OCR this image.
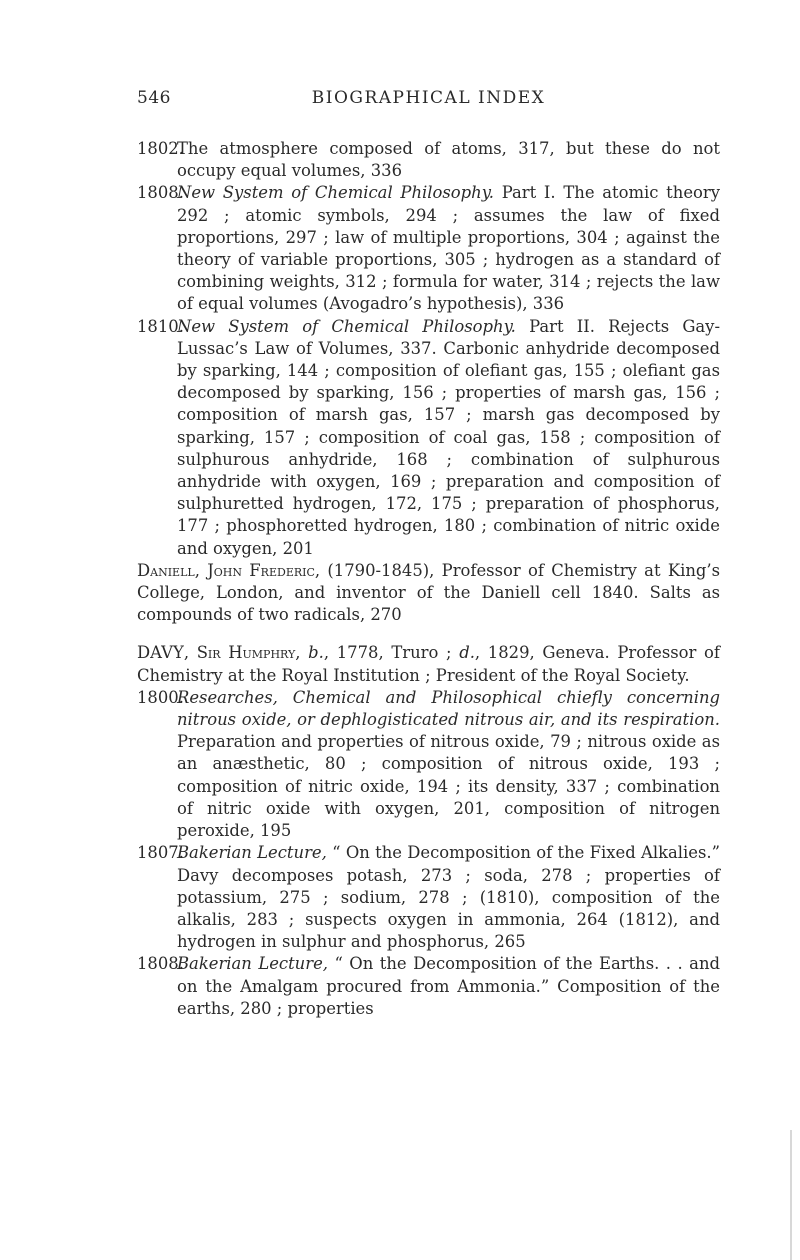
546	BIOGRAPHICAL INDEX

1802.The atmosphere composed of atoms, 317, but these do not occupy equal volumes, 336

1808.New System of Chemical Philosophy. Part I. The atomic theory 292 ; atomic symbols, 294 ; assumes the law of fixed proportions, 297 ; law of multiple proportions, 304 ; against the theory of variable proportions, 305 ; hydrogen as a standard of combining weights, 312 ; formula for water, 314 ; rejects the law of equal volumes (Avogadro’s hypothesis), 336

1810.New System of Chemical Philosophy. Part II. Rejects Gay-Lussac’s Law of Volumes, 337. Carbonic anhydride decomposed by sparking, 144 ; composition of olefiant gas, 155 ; olefiant gas decomposed by sparking, 156 ; properties of marsh gas, 156 ; composition of marsh gas, 157 ; marsh gas decomposed by sparking, 157 ; composition of coal gas, 158 ; composition of sulphurous anhydride, 168 ; combination of sulphurous anhydride with oxygen, 169 ; preparation and composition of sulphuretted hydrogen, 172, 175 ; preparation of phosphorus, 177 ; phosphoretted hydrogen, 180 ; combination of nitric oxide and oxygen, 201

Daniell, John Frederic, (1790-1845), Professor of Chemistry at King’s College, London, and inventor of the Daniell cell 1840. Salts as compounds of two radicals, 270

DAVY, Sir Humphry, b., 1778, Truro ; d., 1829, Geneva. Professor of Chemistry at the Royal Institution ; President of the Royal Society.

1800.Researches, Chemical and Philosophical chiefly concerning nitrous oxide, or dephlogisticated nitrous air, and its respiration. Preparation and properties of nitrous oxide, 79 ; nitrous oxide as an anæsthetic, 80 ; composition of nitrous oxide, 193 ; composition of nitric oxide, 194 ; its density, 337 ; combination of nitric oxide with oxygen, 201, composition of nitrogen peroxide, 195

1807.Bakerian Lecture, “ On the Decomposition of the Fixed Alkalies.” Davy decomposes potash, 273 ; soda, 278 ; properties of potassium, 275 ; sodium, 278 ; (1810), composition of the alkalis, 283 ; suspects oxygen in ammonia, 264 (1812), and hydrogen in sulphur and phosphorus, 265

1808.Bakerian Lecture, “ On the Decomposition of the Earths. . . and on the Amalgam procured from Ammonia.” Composition of the earths, 280 ; properties
